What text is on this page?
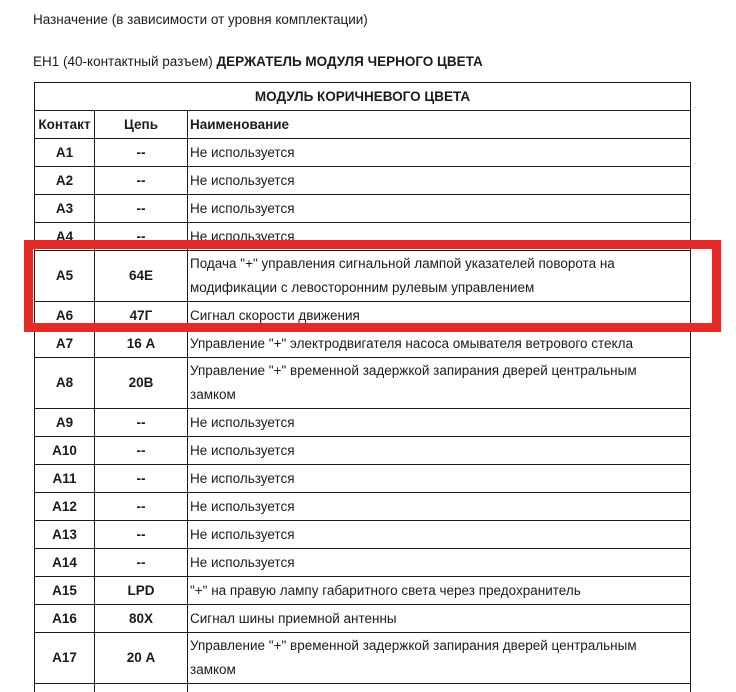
Назначение (в зависимости от уровня комплектации)
ЕН1 (40-контактный разъем) ДЕРЖАТЕЛЬ МОДУЛЯ ЧЕРНОГО ЦВЕТА
МОДУЛЬ КОРИЧНЕВОГО ЦВЕТА		
Контакт	Цепь	Наименование
A1	--	Не используется
A2	--	Не используется
A3	--	Не используется
A4	--	Не используется
A5	64E	Подача "+" управления сигнальной лампой указателей поворота на модификации с левосторонним рулевым управлением
A6	47Г	Сигнал скорости движения
A7	16 А	Управление "+" электродвигателя насоса омывателя ветрового стекла
A8	20В	Управление "+" временной задержкой запирания дверей центральным замком
A9	--	Не используется
A10	--	Не используется
A11	--	Не используется
A12	--	Не используется
A13	--	Не используется
A14	--	Не используется
A15	LPD	"+" на правую лампу габаритного света через предохранитель
A16	80X	Сигнал шины приемной антенны
A17	20 А	Управление "+" временной задержкой запирания дверей центральным замком
